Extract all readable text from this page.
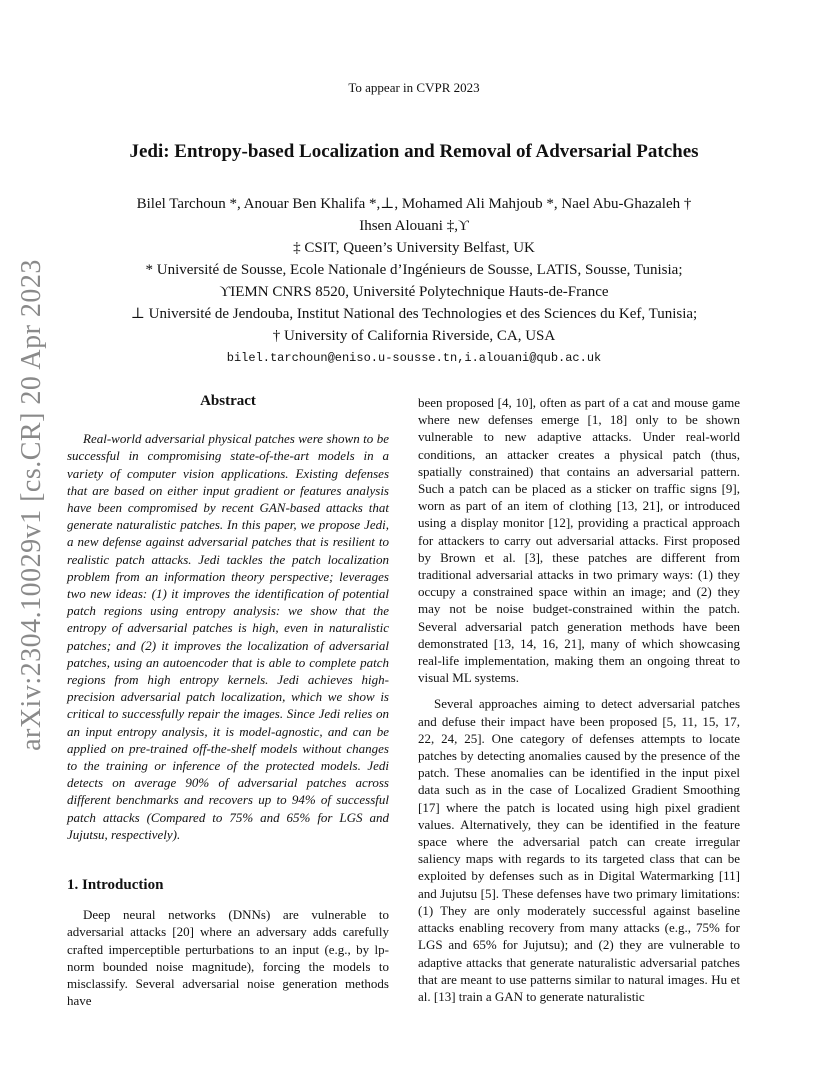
arXiv:2304.10029v1 [cs.CR] 20 Apr 2023
To appear in CVPR 2023
Jedi: Entropy-based Localization and Removal of Adversarial Patches
Bilel Tarchoun *, Anouar Ben Khalifa *,⊥, Mohamed Ali Mahjoub *, Nael Abu-Ghazaleh †
Ihsen Alouani ‡,ϒ
‡ CSIT, Queen’s University Belfast, UK
* Université de Sousse, Ecole Nationale d’Ingénieurs de Sousse, LATIS, Sousse, Tunisia;
ϒIEMN CNRS 8520, Université Polytechnique Hauts-de-France
⊥ Université de Jendouba, Institut National des Technologies et des Sciences du Kef, Tunisia;
† University of California Riverside, CA, USA
bilel.tarchoun@eniso.u-sousse.tn,i.alouani@qub.ac.uk
Abstract

Real-world adversarial physical patches were shown to be successful in compromising state-of-the-art models in a variety of computer vision applications. Existing defenses that are based on either input gradient or features analysis have been compromised by recent GAN-based attacks that generate naturalistic patches. In this paper, we propose Jedi, a new defense against adversarial patches that is resilient to realistic patch attacks. Jedi tackles the patch localization problem from an information theory perspective; leverages two new ideas: (1) it improves the identification of potential patch regions using entropy analysis: we show that the entropy of adversarial patches is high, even in naturalistic patches; and (2) it improves the localization of adversarial patches, using an autoencoder that is able to complete patch regions from high entropy kernels. Jedi achieves high-precision adversarial patch localization, which we show is critical to successfully repair the images. Since Jedi relies on an input entropy analysis, it is model-agnostic, and can be applied on pre-trained off-the-shelf models without changes to the training or inference of the protected models. Jedi detects on average 90% of adversarial patches across different benchmarks and recovers up to 94% of successful patch attacks (Compared to 75% and 65% for LGS and Jujutsu, respectively).

1. Introduction

Deep neural networks (DNNs) are vulnerable to adversarial attacks [20] where an adversary adds carefully crafted imperceptible perturbations to an input (e.g., by lp-norm bounded noise magnitude), forcing the models to misclassify. Several adversarial noise generation methods have

been proposed [4, 10], often as part of a cat and mouse game where new defenses emerge [1, 18] only to be shown vulnerable to new adaptive attacks. Under real-world conditions, an attacker creates a physical patch (thus, spatially constrained) that contains an adversarial pattern. Such a patch can be placed as a sticker on traffic signs [9], worn as part of an item of clothing [13, 21], or introduced using a display monitor [12], providing a practical approach for attackers to carry out adversarial attacks. First proposed by Brown et al. [3], these patches are different from traditional adversarial attacks in two primary ways: (1) they occupy a constrained space within an image; and (2) they may not be noise budget-constrained within the patch. Several adversarial patch generation methods have been demonstrated [13, 14, 16, 21], many of which showcasing real-life implementation, making them an ongoing threat to visual ML systems.

Several approaches aiming to detect adversarial patches and defuse their impact have been proposed [5, 11, 15, 17, 22, 24, 25]. One category of defenses attempts to locate patches by detecting anomalies caused by the presence of the patch. These anomalies can be identified in the input pixel data such as in the case of Localized Gradient Smoothing [17] where the patch is located using high pixel gradient values. Alternatively, they can be identified in the feature space where the adversarial patch can create irregular saliency maps with regards to its targeted class that can be exploited by defenses such as in Digital Watermarking [11] and Jujutsu [5]. These defenses have two primary limitations: (1) They are only moderately successful against baseline attacks enabling recovery from many attacks (e.g., 75% for LGS and 65% for Jujutsu); and (2) they are vulnerable to adaptive attacks that generate naturalistic adversarial patches that are meant to use patterns similar to natural images. Hu et al. [13] train a GAN to generate naturalistic
